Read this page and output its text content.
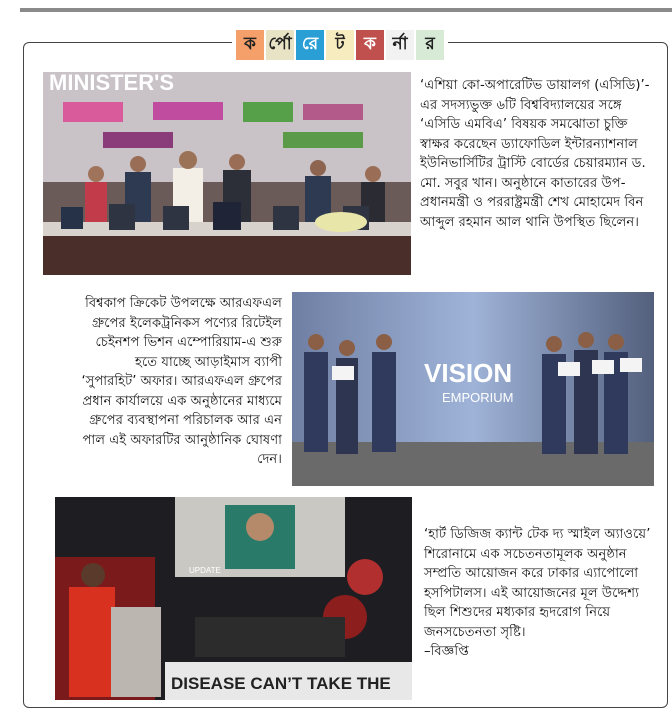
ক র্পো রে	ট	ক র্না	র
MINISTER'S	‘এশিয়া কো-অপারেটিভ ডায়ালগ (এসিডি)’-এর সদস্যভুক্ত ৬টি বিশ্ববিদ্যালয়ের সঙ্গে ‘এসিডি এমবিএ’ বিষয়ক সমঝোতা চুক্তি স্বাক্ষর করেছেন ড্যাফোডিল ইন্টারন্যাশনাল ইউনিভার্সিটির ট্রাস্টি বোর্ডের চেয়ারম্যান ড. মো. সবুর খান। অনুষ্ঠানে কাতারের উপ-প্রধানমন্ত্রী ও পররাষ্ট্রমন্ত্রী শেখ মোহামেদ বিন আব্দুল রহমান আল থানি উপস্থিত ছিলেন।

VISION
EMPORIUM

বিশ্বকাপ ক্রিকেট উপলক্ষে আরএফএল গ্রুপের ইলেকট্রনিকস পণ্যের রিটেইল চেইনশপ ভিশন এম্পোরিয়াম-এ শুরু হতে যাচ্ছে আড়াইমাস ব্যাপী ‘সুপারহিট’ অফার। আরএফএল গ্রুপের প্রধান কার্যালয়ে এক অনুষ্ঠানের মাধ্যমে গ্রুপের ব্যবস্থাপনা পরিচালক আর এন পাল এই অফারটির আনুষ্ঠানিক ঘোষণা দেন।

UPDATE
DISEASE CAN’T TAKE THE

‘হার্ট ডিজিজ ক্যান্ট টেক দ্য স্মাইল অ্যাওয়ে’ শিরোনামে এক সচেতনতামূলক অনুষ্ঠান সম্প্রতি আয়োজন করে ঢাকার এ্যাপোলো হসপিটালস। এই আয়োজনের মূল উদ্দেশ্য ছিল শিশুদের মধ্যকার হৃদরোগ নিয়ে জনসচেতনতা সৃষ্টি।
–বিজ্ঞপ্তি
